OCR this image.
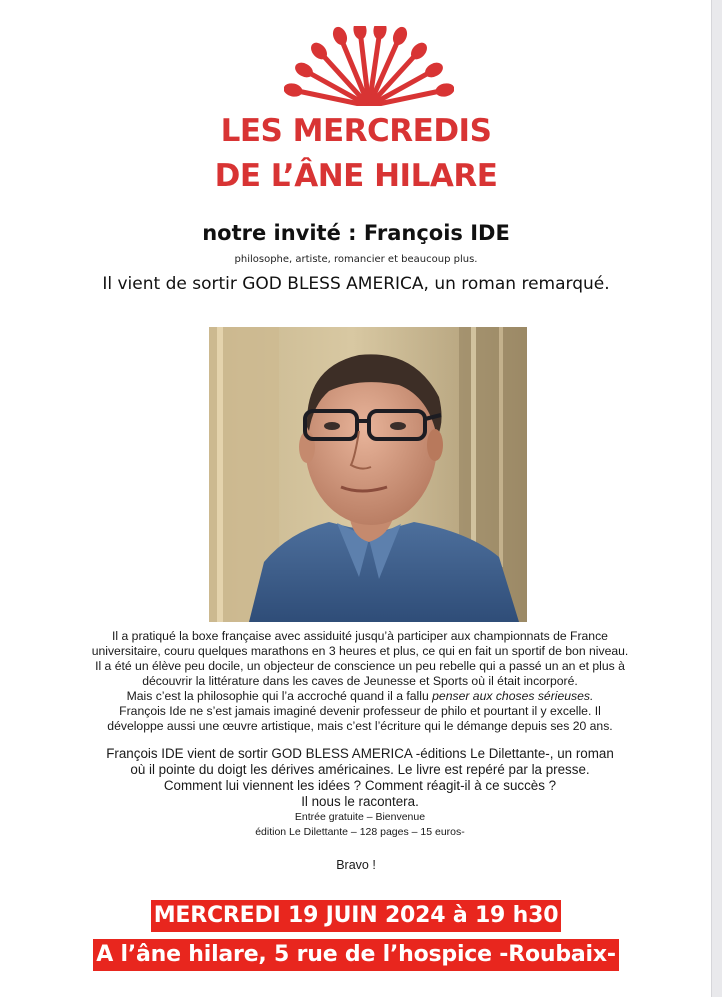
LES MERCREDIS
DE L’ÂNE HILARE
notre invité : François IDE
philosophe, artiste, romancier et beaucoup plus.
Il vient de sortir GOD BLESS AMERICA, un roman remarqué.
Il a pratiqué la boxe française avec assiduité jusqu’à participer aux championnats de France universitaire, couru quelques marathons en 3 heures et plus, ce qui en fait un sportif de bon niveau. Il a été un élève peu docile, un objecteur de conscience un peu rebelle qui a passé un an et plus à découvrir la littérature dans les caves de Jeunesse et Sports où il était incorporé.
Mais c’est la philosophie qui l’a accroché quand il a fallu penser aux choses sérieuses.
François Ide ne s’est jamais imaginé devenir professeur de philo et pourtant il y excelle. Il développe aussi une œuvre artistique, mais c’est l’écriture qui le démange depuis ses 20 ans.
François IDE vient de sortir GOD BLESS AMERICA -éditions Le Dilettante-, un roman
où il pointe du doigt les dérives américaines. Le livre est repéré par la presse.
Comment lui viennent les idées ? Comment réagit-il à ce succès ?
Il nous le racontera.
Entrée gratuite – Bienvenue
édition Le Dilettante – 128 pages – 15 euros-
Bravo !
MERCREDI 19 JUIN 2024 à 19 h30
A l’âne hilare, 5 rue de l’hospice -Roubaix-
